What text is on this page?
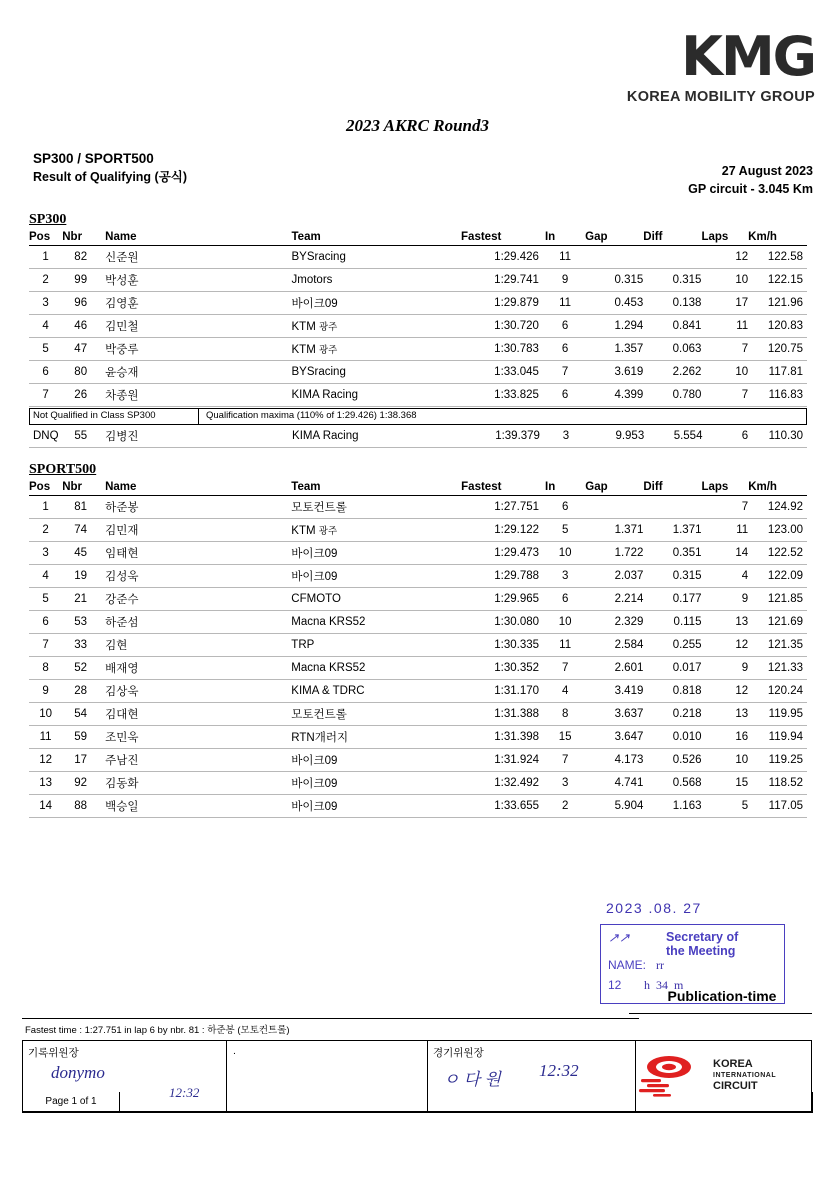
KMG
KOREA MOBILITY GROUP
2023 AKRC Round3
SP300 / SPORT500
Result of Qualifying (공식)	27 August 2023
GP circuit - 3.045 Km
SP300
Pos	Nbr	Name	Team	Fastest	In	Gap	Diff	Laps	Km/h
1	82	신준원	BYSracing	1:29.426	11			12	122.58
2	99	박성훈	Jmotors	1:29.741	9	0.315	0.315	10	122.15
3	96	김영훈	바이크09	1:29.879	11	0.453	0.138	17	121.96
4	46	김민철	KTM 광주	1:30.720	6	1.294	0.841	11	120.83
5	47	박중루	KTM 광주	1:30.783	6	1.357	0.063	7	120.75
6	80	윤승재	BYSracing	1:33.045	7	3.619	2.262	10	117.81
7	26	차종원	KIMA Racing	1:33.825	6	4.399	0.780	7	116.83
Not Qualified in Class SP300	Qualification maxima (110% of 1:29.426) 1:38.368
DNQ	55	김병진	KIMA Racing	1:39.379	3	9.953	5.554	6	110.30
SPORT500
Pos	Nbr	Name	Team	Fastest	In	Gap	Diff	Laps	Km/h
1	81	하준봉	모토컨트롤	1:27.751	6			7	124.92
2	74	김민재	KTM 광주	1:29.122	5	1.371	1.371	11	123.00
3	45	임태현	바이크09	1:29.473	10	1.722	0.351	14	122.52
4	19	김성욱	바이크09	1:29.788	3	2.037	0.315	4	122.09
5	21	강준수	CFMOTO	1:29.965	6	2.214	0.177	9	121.85
6	53	하준섬	Macna KRS52	1:30.080	10	2.329	0.115	13	121.69
7	33	김현	TRP	1:30.335	11	2.584	0.255	12	121.35
8	52	배재영	Macna KRS52	1:30.352	7	2.601	0.017	9	121.33
9	28	김상욱	KIMA & TDRC	1:31.170	4	3.419	0.818	12	120.24
10	54	김대현	모토컨트롤	1:31.388	8	3.637	0.218	13	119.95
11	59	조민욱	RTN개러지	1:31.398	15	3.647	0.010	16	119.94
12	17	주남진	바이크09	1:31.924	7	4.173	0.526	10	119.25
13	92	김동화	바이크09	1:32.492	3	4.741	0.568	15	118.52
14	88	백승일	바이크09	1:33.655	2	5.904	1.163	5	117.05
2023 .08. 27
↗↗	Secretary of
the Meeting
NAME: rr
12 h  34  m
Fastest time : 1:27.751 in lap 6 by nbr. 81 : 하준봉 (모토컨트롤)
Publication-time
기록위원장	.	경기위원장
donymo
12:32
ㅇ 다 원 12:32	KOREA
INTERNATIONAL
CIRCUIT
Page 1 of 1
